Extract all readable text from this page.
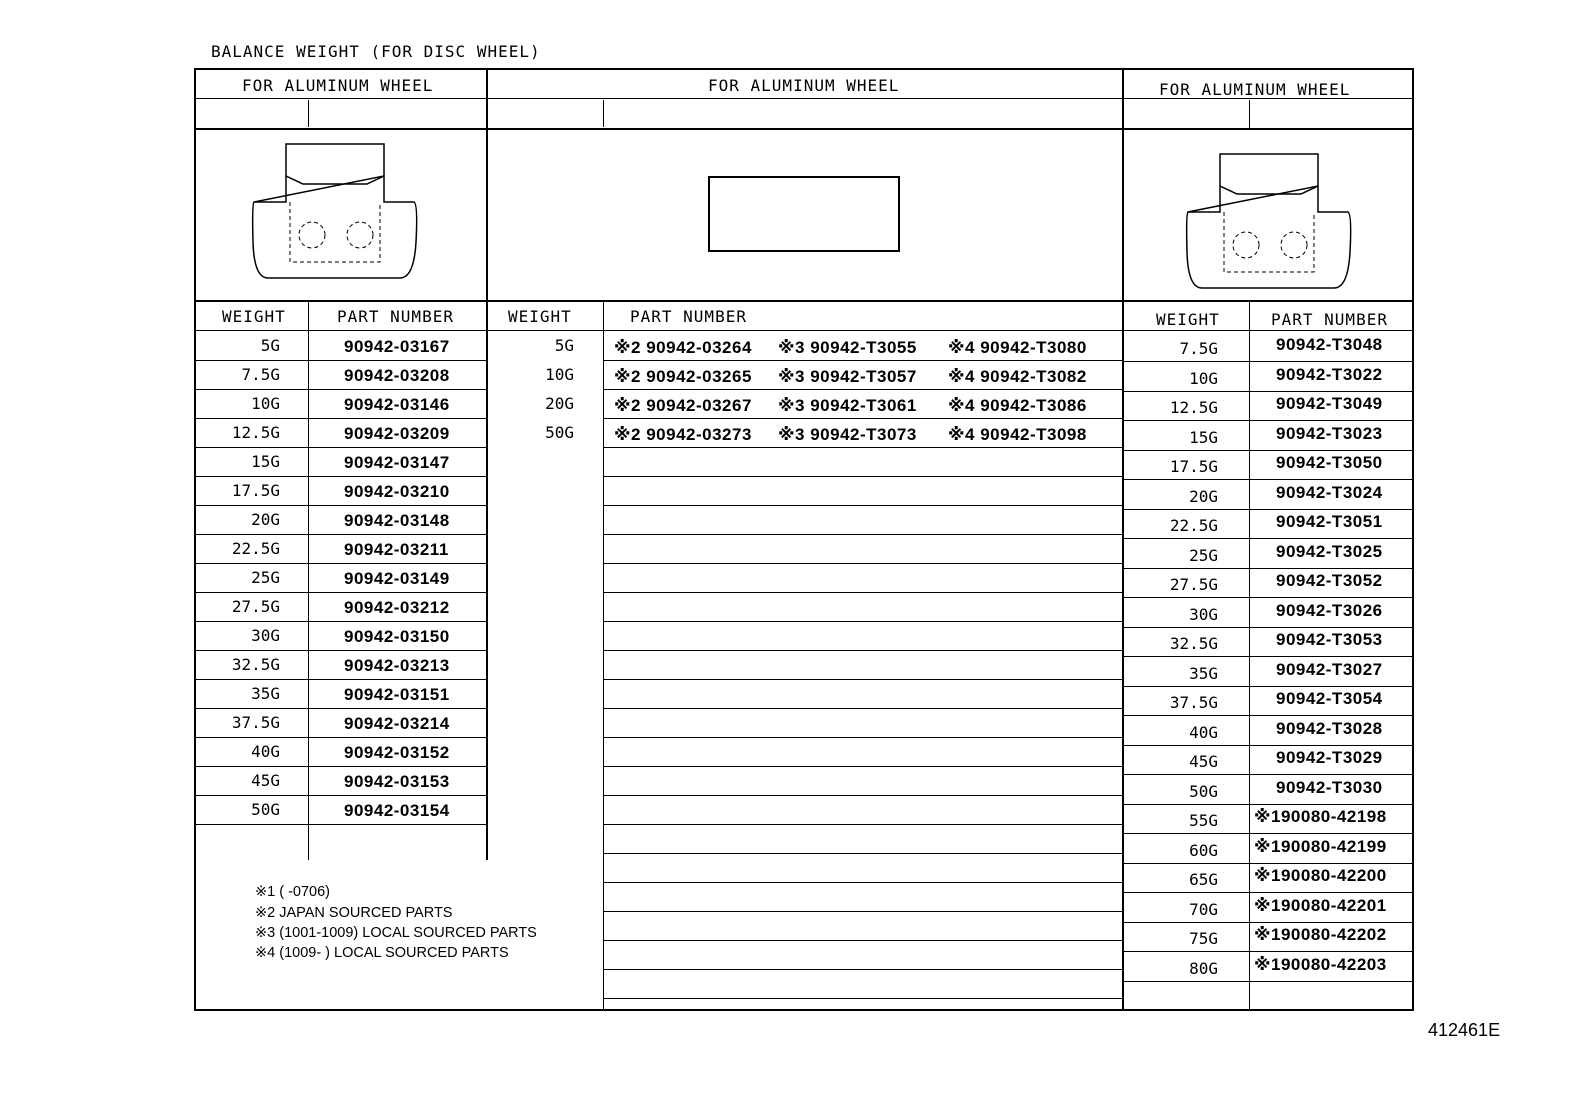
BALANCE WEIGHT (FOR DISC WHEEL)
FOR ALUMINUM WHEEL	FOR ALUMINUM WHEEL	FOR ALUMINUM WHEEL
WEIGHT	PART NUMBER	WEIGHT	PART NUMBER	WEIGHT	PART NUMBER
5G	90942-03167
7.5G	90942-03208
10G	90942-03146
12.5G	90942-03209
15G	90942-03147
17.5G	90942-03210
20G	90942-03148
22.5G	90942-03211
25G	90942-03149
27.5G	90942-03212
30G	90942-03150
32.5G	90942-03213
35G	90942-03151
37.5G	90942-03214
40G	90942-03152
45G	90942-03153
50G	90942-03154
5G ※2 90942-03264 ※3 90942-T3055 ※4 90942-T3080
10G ※2 90942-03265 ※3 90942-T3057 ※4 90942-T3082
20G ※2 90942-03267 ※3 90942-T3061 ※4 90942-T3086
50G ※2 90942-03273 ※3 90942-T3073 ※4 90942-T3098
7.5G	90942-T3048
10G	90942-T3022
12.5G	90942-T3049
15G	90942-T3023
17.5G	90942-T3050
20G	90942-T3024
22.5G	90942-T3051
25G	90942-T3025
27.5G	90942-T3052
30G	90942-T3026
32.5G	90942-T3053
35G	90942-T3027
37.5G	90942-T3054
40G	90942-T3028
45G	90942-T3029
50G	90942-T3030
55G ※190080-42198
60G ※190080-42199
65G ※190080-42200
70G ※190080-42201
75G ※190080-42202
80G ※190080-42203
※1 ( -0706)
※2 JAPAN SOURCED PARTS
※3 (1001-1009) LOCAL SOURCED PARTS
※4 (1009- ) LOCAL SOURCED PARTS
412461E
